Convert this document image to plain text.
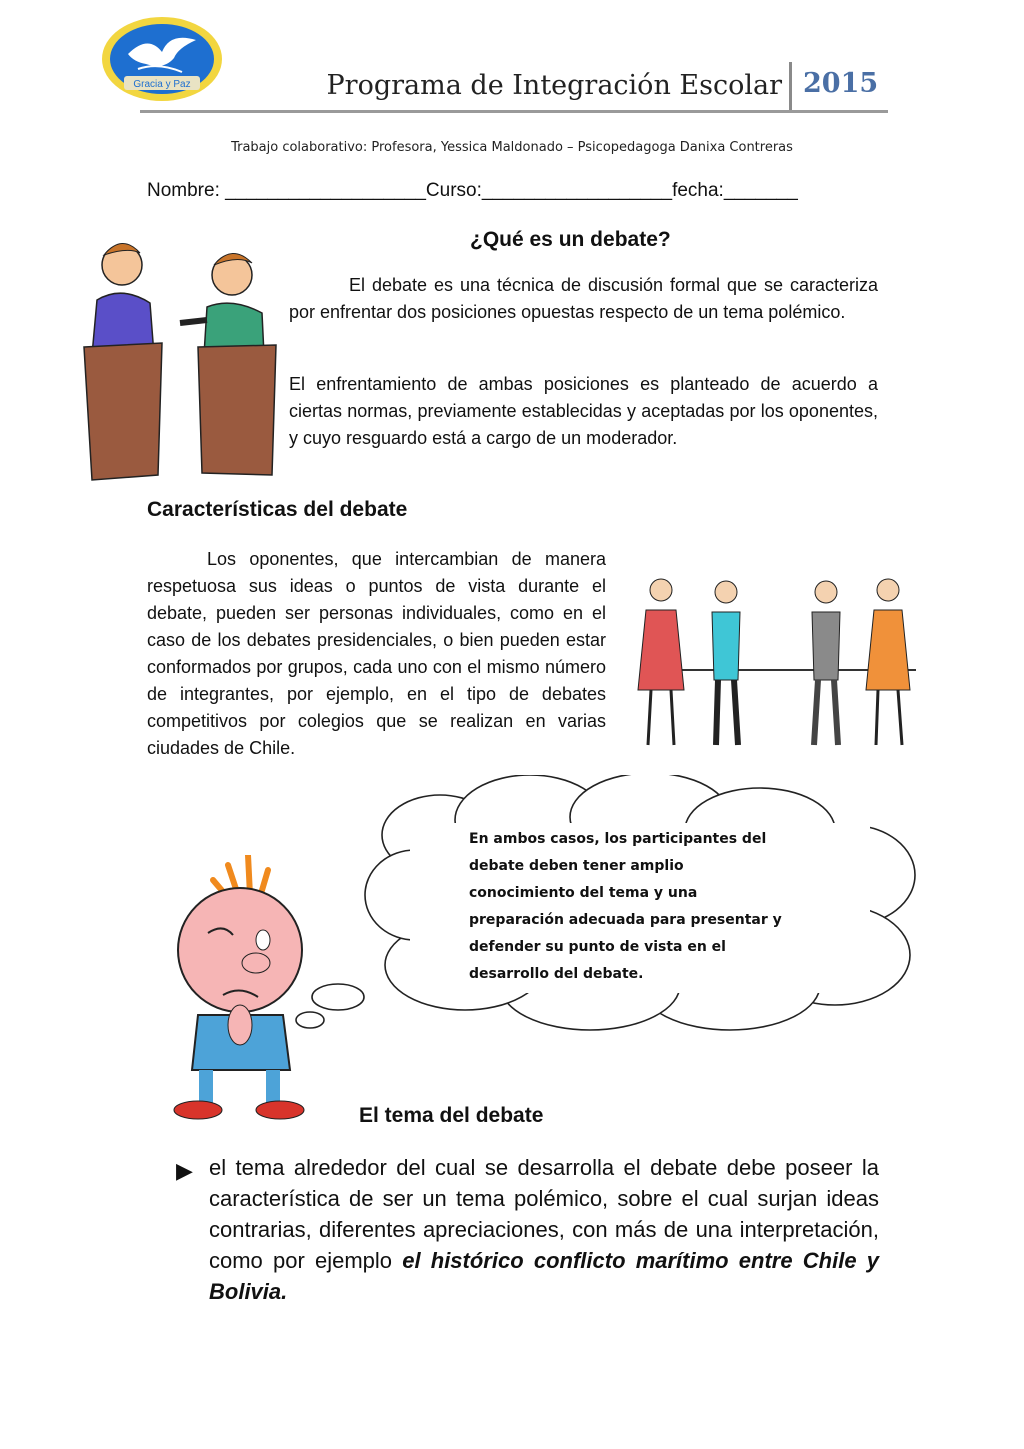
Gracia y Paz	Programa de Integración Escolar 2015
Trabajo colaborativo: Profesora, Yessica Maldonado – Psicopedagoga Danixa Contreras
Nombre: ___________________Curso:__________________fecha:_______
¿Qué es un debate?
El debate es una técnica de discusión formal que se caracteriza por enfrentar dos posiciones opuestas respecto de un tema polémico.
El enfrentamiento de ambas posiciones es planteado de acuerdo a ciertas normas, previamente establecidas y aceptadas por los oponentes, y cuyo resguardo está a cargo de un moderador.
Características del debate
Los oponentes, que intercambian de manera respetuosa sus ideas o puntos de vista durante el debate, pueden ser personas individuales, como en el caso de los debates presidenciales, o bien pueden estar conformados por grupos, cada uno con el mismo número de integrantes, por ejemplo, en el tipo de debates competitivos por colegios que se realizan en varias ciudades de Chile.
En ambos casos, los participantes del
debate deben tener amplio
conocimiento del tema y una
preparación adecuada para presentar y
defender su punto de vista en el
desarrollo del debate.
El tema del debate
▶ el tema alrededor del cual se desarrolla el debate debe poseer la característica de ser un tema polémico, sobre el cual surjan ideas contrarias, diferentes apreciaciones, con más de una interpretación, como por ejemplo el histórico conflicto marítimo entre Chile y Bolivia.
